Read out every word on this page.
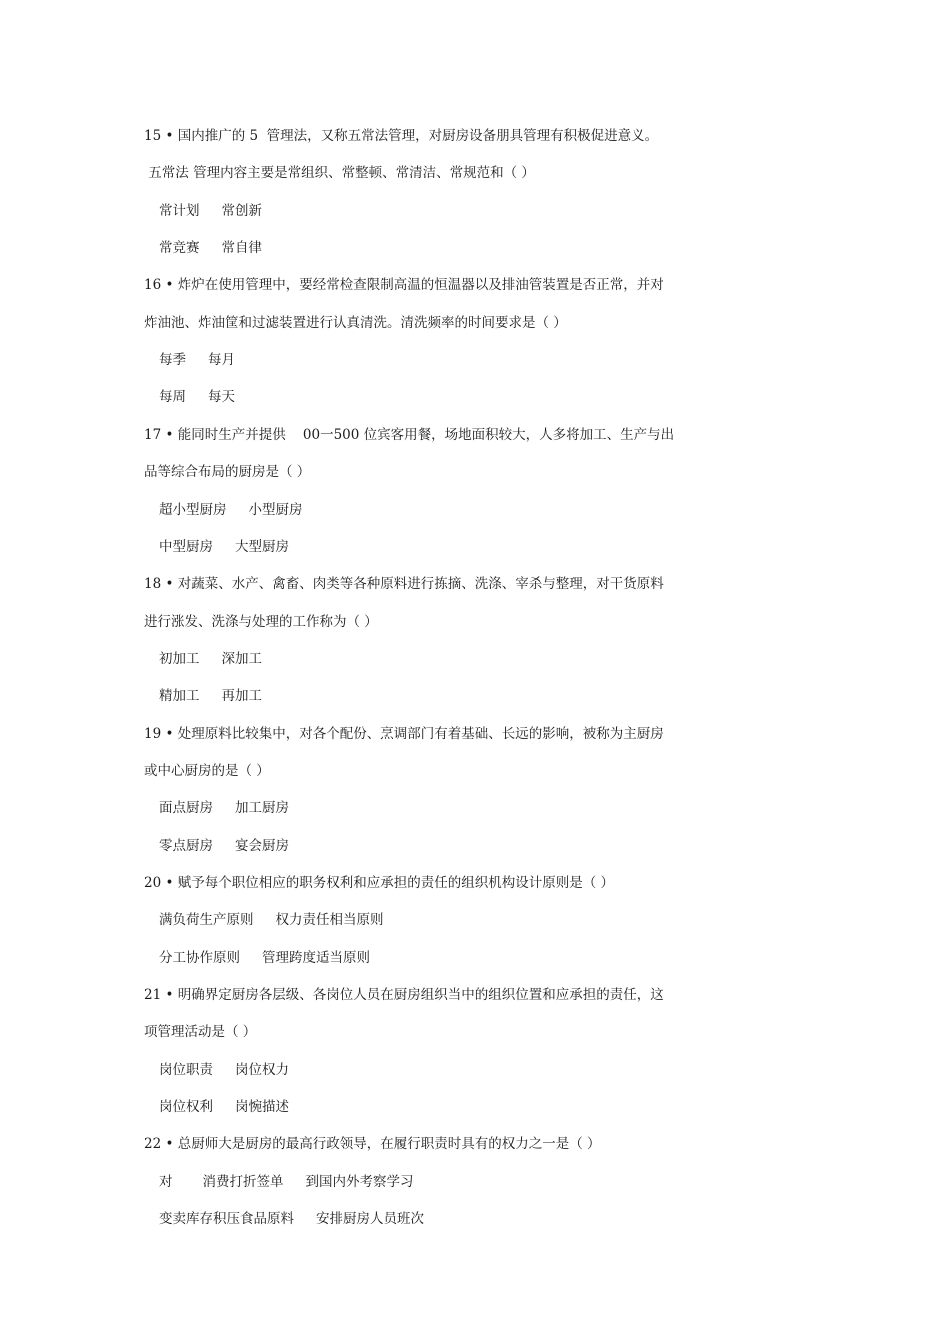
15 • 国内推广的 5  管理法，又称五常法管理，对厨房设备朋具管理有积极促进意义。
五常法 管理内容主要是常组织、常整顿、常清洁、常规范和（ ）
常计划 常创新
常竞赛 常自律
16 • 炸炉在使用管理中，要经常检查限制高温的恒温器以及排油管装置是否正常，并对
炸油池、炸油筐和过滤装置进行认真清洗。清洗频率的时间要求是（ ）
每季 每月
每周 每天
17 • 能同时生产并提供    00一500 位宾客用餐，场地面积较大，人多将加工、生产与出
品等综合布局的厨房是（ ）
超小型厨房 小型厨房
中型厨房 大型厨房
18 • 对蔬菜、水产、禽畜、肉类等各种原料进行拣摘、洗涤、宰杀与整理，对干货原料
进行涨发、洗涤与处理的工作称为（ ）
初加工 深加工
精加工 再加工
19 • 处理原料比较集中，对各个配份、烹调部门有着基础、长远的影响，被称为主厨房
或中心厨房的是（ ）
面点厨房 加工厨房
零点厨房 宴会厨房
20 • 赋予每个职位相应的职务权利和应承担的责任的组织机构设计原则是（ ）
满负荷生产原则 权力责任相当原则
分工协作原则 管理跨度适当原则
21 • 明确界定厨房各层级、各岗位人员在厨房组织当中的组织位置和应承担的责任，这
项管理活动是（ ）
岗位职责 岗位权力
岗位权利 岗惋描述
22 • 总厨师大是厨房的最高行政领导，在履行职责时具有的权力之一是（ ）
对 消费打折签单 到国内外考察学习
变卖库存积压食品原料 安排厨房人员班次
